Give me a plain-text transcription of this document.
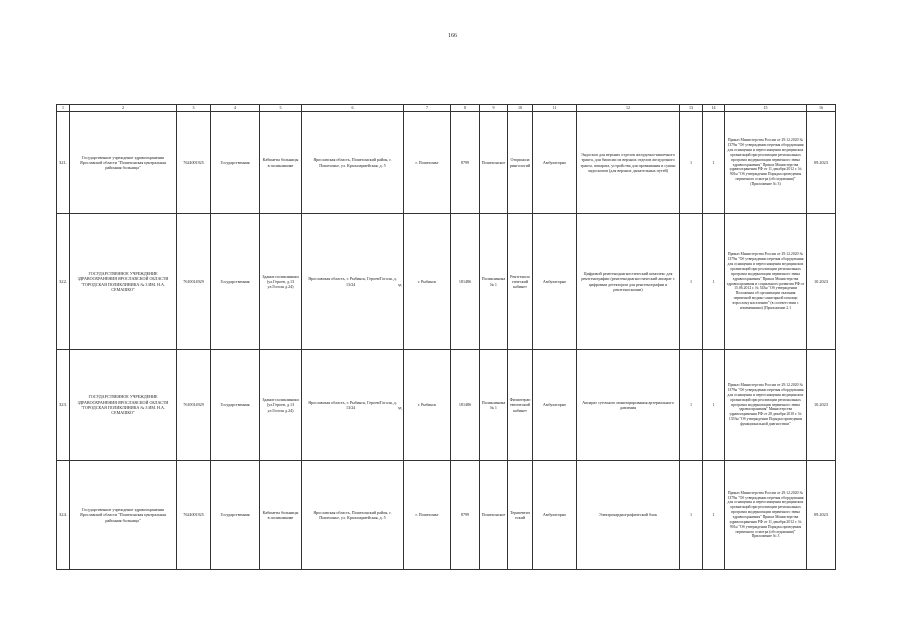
166
1	2	3	4	5	6	7	8	9	10	11	12	13	14	15	16
321.	Государственное учреждение здравоохранения Ярославской области "Пошехонская центральная районная больница"	7624001925	Государственная	Кабинеты больницы в поликлинике	Ярославская область, Пошехонский район, г. Пошехонье, ул. Красноармейская, д. 5	г. Пошехонье	8799	Пошехонское	Оториноларингологий	Амбулаторно	Эндоскоп для верхних отделов желудочно-кишечного тракта, для биопсии из верхних отделов желудочного тракта, аппарата, устройства для промывания и сушки эндоскопов (для верхних дыхательных путей)	1	1	Приказ Министерства России от 29.12.2020 № 1379н "Об утверждении перечня оборудования для оснащения и переоснащения медицинских организаций при реализации региональных программ модернизации первичного звена здравоохранения" Приказ Министерства здравоохранения РФ от 11 декабря 2012 г. № 901н "Об утверждении Порядка проведения первичного осмотра (обследования)" (Приложение № 3)	09.2023
322.	ГОСУДАРСТВЕННОЕ УЧРЕЖДЕНИЕ ЗДРАВООХРАНЕНИЯ ЯРОСЛАВСКОЙ ОБЛАСТИ "ГОРОДСКАЯ ПОЛИКЛИНИКА № 3 ИМ. Н.А. СЕМАШКО"	7610014929	Государственная	Здание поликлиники (ул.Героев, д.13 ул.Гоголя д.24)	Ярославская область, г. Рыбинск, Героев/Гоголя, д. 13/24 зд	г. Рыбинск	181486	Поликлиника № 1	Рентгенологический кабинет	Амбулаторно	Цифровой рентгенодиагностический комплекс для рентгенографии (рентгенодиагностический аппарат с цифровым детектором для рентгенографии и рентгеноскопии)	1	1	Приказ Министерства России от 29.12.2020 № 1379н "Об утверждении перечня оборудования для оснащения и переоснащения медицинских организаций при реализации региональных программ модернизации первичного звена здравоохранения" Приказ Министерства здравоохранения и социального развития РФ от 15.06.2012 г. № 543н "Об утверждении Положения об организации оказания первичной медико-санитарной помощи взрослому населению" (в соответствии с изменениями) (Приложение 2.1	10.2023
323.	ГОСУДАРСТВЕННОЕ УЧРЕЖДЕНИЕ ЗДРАВООХРАНЕНИЯ ЯРОСЛАВСКОЙ ОБЛАСТИ "ГОРОДСКАЯ ПОЛИКЛИНИКА № 3 ИМ. Н.А. СЕМАШКО"	7610014929	Государственная	Здание поликлиники (ул.Героев, д.13 ул.Гоголя д.24)	Ярославская область, г. Рыбинск, Героев/Гоголя, д. 13/24 зд	г. Рыбинск	181486	Поликлиника № 1	Физиотерапевтический кабинет	Амбулаторно	Аппарат суточного мониторирования артериального давления	1	1	Приказ Министерства России от 29.12.2020 № 1379н "Об утверждении перечня оборудования для оснащения и переоснащения медицинских организаций при реализации региональных программ модернизации первичного звена здравоохранения" Министерства здравоохранения РФ от 28 декабря 2010 г. № 1353н "Об утверждении Порядка проведения функциональной диагностики"	10.2023
324.	Государственное учреждение здравоохранения Ярославской области "Пошехонская центральная районная больница"	7624001925	Государственная	Кабинеты больницы в поликлинике	Ярославская область, Пошехонский район, г. Пошехонье, ул. Красноармейская, д. 5	г. Пошехонье	8799	Пошехонское	Терапевтический	Амбулаторно	Электрокардиографический блок	1	1	Приказ Министерства России от 29.12.2020 № 1379н "Об утверждении перечня оборудования для оснащения и переоснащения медицинских организаций при реализации региональных программ модернизации первичного звена здравоохранения" Приказ Министерства здравоохранения РФ от 11 декабря 2012 г. № 901н "Об утверждении Порядка проведения первичного осмотра (обследования)" Приложение № 3	09.2023
